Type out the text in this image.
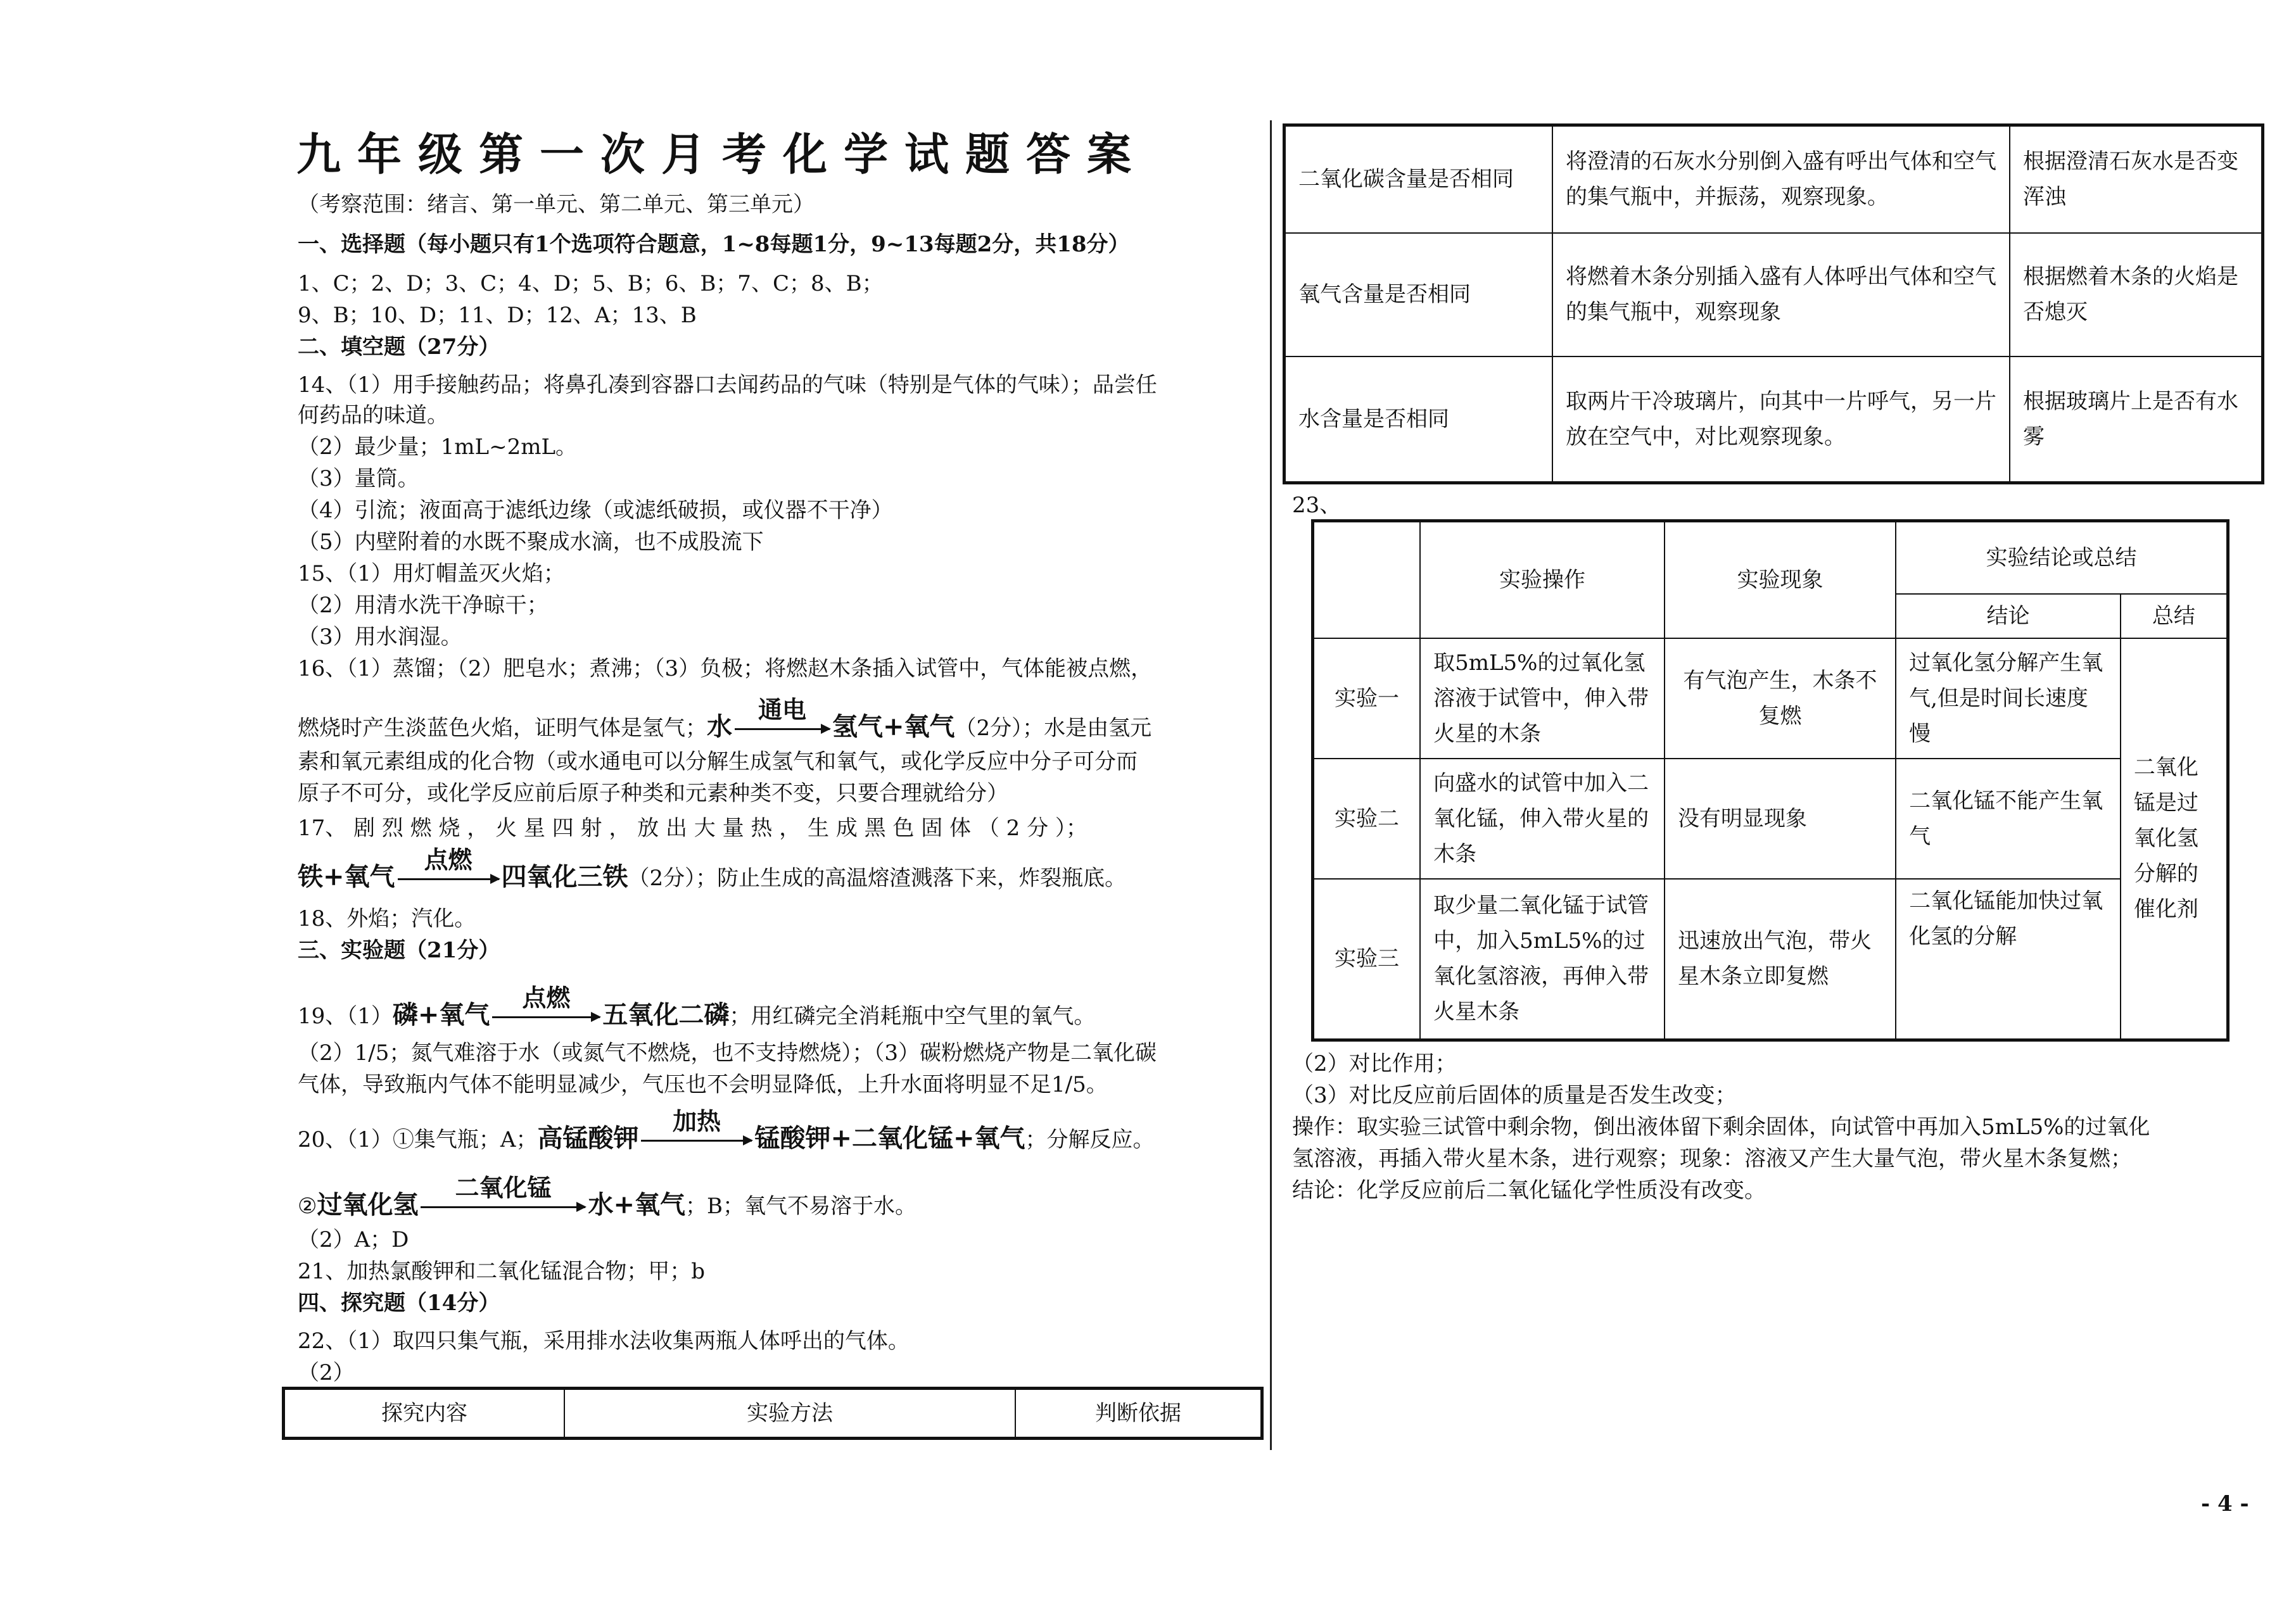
九年级第一次月考化学试题答案
（考察范围：绪言、第一单元、第二单元、第三单元）
一、选择题（每小题只有1个选项符合题意，1~8每题1分，9~13每题2分，共18分）
1、C；2、D；3、C；4、D；5、B；6、B；7、C；8、B；
9、B；10、D；11、D；12、A；13、B
二、填空题（27分）
14、（1）用手接触药品；将鼻孔凑到容器口去闻药品的气味（特别是气体的气味）；品尝任
何药品的味道。
（2）最少量；1mL~2mL。
（3）量筒。
（4）引流；液面高于滤纸边缘（或滤纸破损，或仪器不干净）
（5）内壁附着的水既不聚成水滴，也不成股流下
15、（1）用灯帽盖灭火焰；
（2）用清水洗干净晾干；
（3）用水润湿。
16、（1）蒸馏；（2）肥皂水；煮沸；（3）负极；将燃赵木条插入试管中，气体能被点燃，
燃烧时产生淡蓝色火焰，证明气体是氢气；水
通电
氢气+氧气（2分）；水是由氢元
素和氧元素组成的化合物（或水通电可以分解生成氢气和氧气，或化学反应中分子可分而
原子不可分，或化学反应前后原子种类和元素种类不变，只要合理就给分）
17、 剧 烈 燃 烧 ， 火 星 四 射 ， 放 出 大 量 热 ， 生 成 黑 色 固 体 （ 2 分 ）；
铁+氧气
点燃
四氧化三铁（2分）；防止生成的高温熔渣溅落下来，炸裂瓶底。
18、外焰；汽化。
三、实验题（21分）
19、（1）磷+氧气
点燃
五氧化二磷；用红磷完全消耗瓶中空气里的氧气。
（2）1/5；氮气难溶于水（或氮气不燃烧，也不支持燃烧）；（3）碳粉燃烧产物是二氧化碳
气体，导致瓶内气体不能明显减少，气压也不会明显降低，上升水面将明显不足1/5。
20、（1）①集气瓶；A；高锰酸钾
加热
锰酸钾+二氧化锰+氧气；分解反应。
②过氧化氢
二氧化锰
水+氧气；B；氧气不易溶于水。
（2）A；D
21、加热氯酸钾和二氧化锰混合物；甲；b
四、探究题（14分）
22、（1）取四只集气瓶，采用排水法收集两瓶人体呼出的气体。
（2）
探究内容	实验方法	判断依据
二氧化碳含量是否相同	将澄清的石灰水分别倒入盛有呼出气体和空气的集气瓶中，并振荡，观察现象。	根据澄清石灰水是否变浑浊
氧气含量是否相同	将燃着木条分别插入盛有人体呼出气体和空气的集气瓶中，观察现象	根据燃着木条的火焰是否熄灭
水含量是否相同	取两片干冷玻璃片，向其中一片呼气，另一片放在空气中，对比观察现象。	根据玻璃片上是否有水雾
23、
	实验操作	实验现象	实验结论或总结	
			结论	总结
实验一	取5mL5%的过氧化氢溶液于试管中，伸入带火星的木条	有气泡产生，木条不复燃	过氧化氢分解产生氧气,但是时间长速度慢	二氧化锰是过氧化氢分解的催化剂
实验二	向盛水的试管中加入二氧化锰，伸入带火星的木条	没有明显现象	二氧化锰不能产生氧气	
实验三	取少量二氧化锰于试管中，加入5mL5%的过氧化氢溶液，再伸入带火星木条	迅速放出气泡，带火星木条立即复燃	二氧化锰能加快过氧化氢的分解	
（2）对比作用；
（3）对比反应前后固体的质量是否发生改变；
操作：取实验三试管中剩余物，倒出液体留下剩余固体，向试管中再加入5mL5%的过氧化
氢溶液，再插入带火星木条，进行观察；现象：溶液又产生大量气泡，带火星木条复燃；
结论：化学反应前后二氧化锰化学性质没有改变。
- 4 -
